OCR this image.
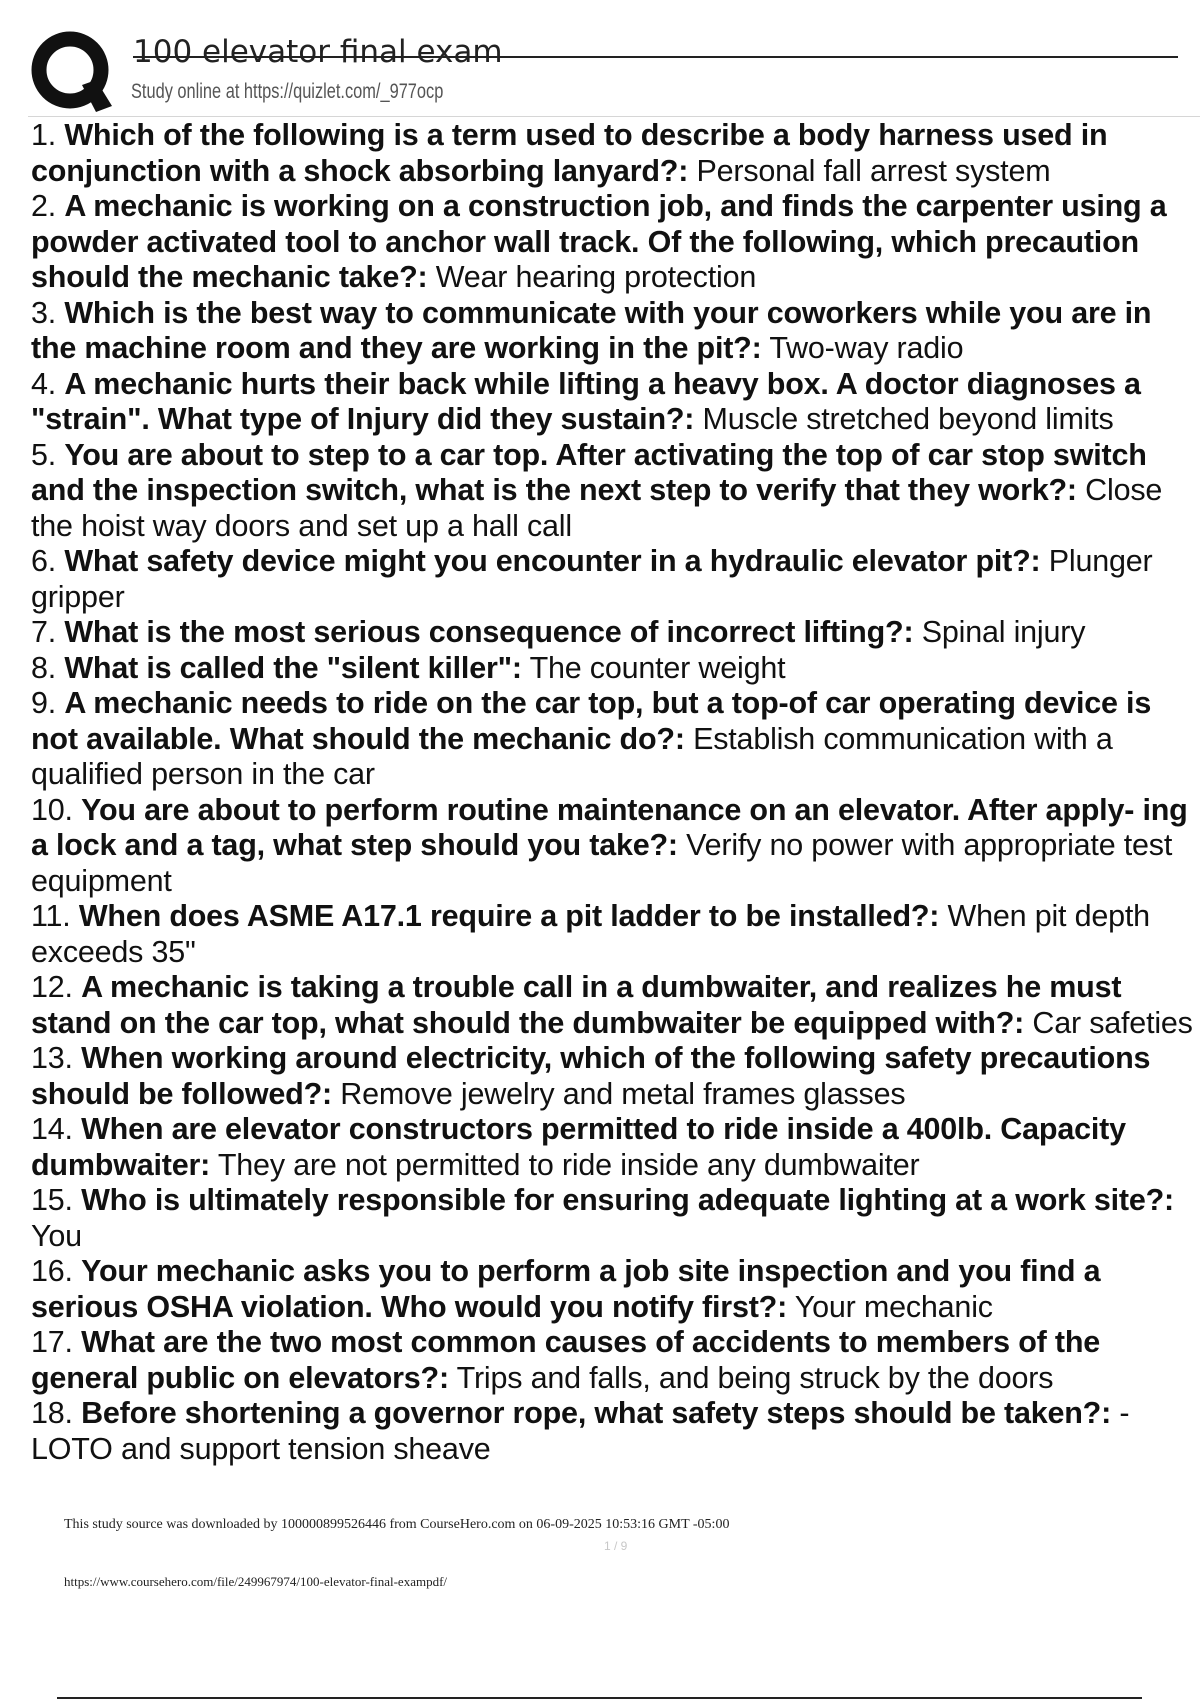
100 elevator final exam
Study online at https://quizlet.com/_977ocp

1. Which of the following is a term used to describe a body harness used in conjunction with a shock absorbing lanyard?: Personal fall arrest system

2. A mechanic is working on a construction job, and finds the carpenter using a powder activated tool to anchor wall track. Of the following, which precaution should the mechanic take?: Wear hearing protection

3. Which is the best way to communicate with your coworkers while you are in the machine room and they are working in the pit?: Two-way radio

4. A mechanic hurts their back while lifting a heavy box. A doctor diagnoses a "strain". What type of Injury did they sustain?: Muscle stretched beyond limits

5. You are about to step to a car top. After activating the top of car stop switch and the inspection switch, what is the next step to verify that they work?: Close the hoist way doors and set up a hall call

6. What safety device might you encounter in a hydraulic elevator pit?: Plunger gripper

7. What is the most serious consequence of incorrect lifting?: Spinal injury

8. What is called the "silent killer": The counter weight

9. A mechanic needs to ride on the car top, but a top-of car operating device is not available. What should the mechanic do?: Establish communication with a qualified person in the car

10. You are about to perform routine maintenance on an elevator. After apply- ing a lock and a tag, what step should you take?: Verify no power with appropriate test equipment

11. When does ASME A17.1 require a pit ladder to be installed?: When pit depth exceeds 35"

12. A mechanic is taking a trouble call in a dumbwaiter, and realizes he must stand on the car top, what should the dumbwaiter be equipped with?: Car safeties

13. When working around electricity, which of the following safety precautions should be followed?: Remove jewelry and metal frames glasses

14. When are elevator constructors permitted to ride inside a 400lb. Capacity dumbwaiter: They are not permitted to ride inside any dumbwaiter

15. Who is ultimately responsible for ensuring adequate lighting at a work site?: You

16. Your mechanic asks you to perform a job site inspection and you find a serious OSHA violation. Who would you notify first?: Your mechanic

17. What are the two most common causes of accidents to members of the general public on elevators?: Trips and falls, and being struck by the doors

18. Before shortening a governor rope, what safety steps should be taken?: - LOTO and support tension sheave

This study source was downloaded by 100000899526446 from CourseHero.com on 06-09-2025 10:53:16 GMT -05:00
1 / 9
https://www.coursehero.com/file/249967974/100-elevator-final-exampdf/
